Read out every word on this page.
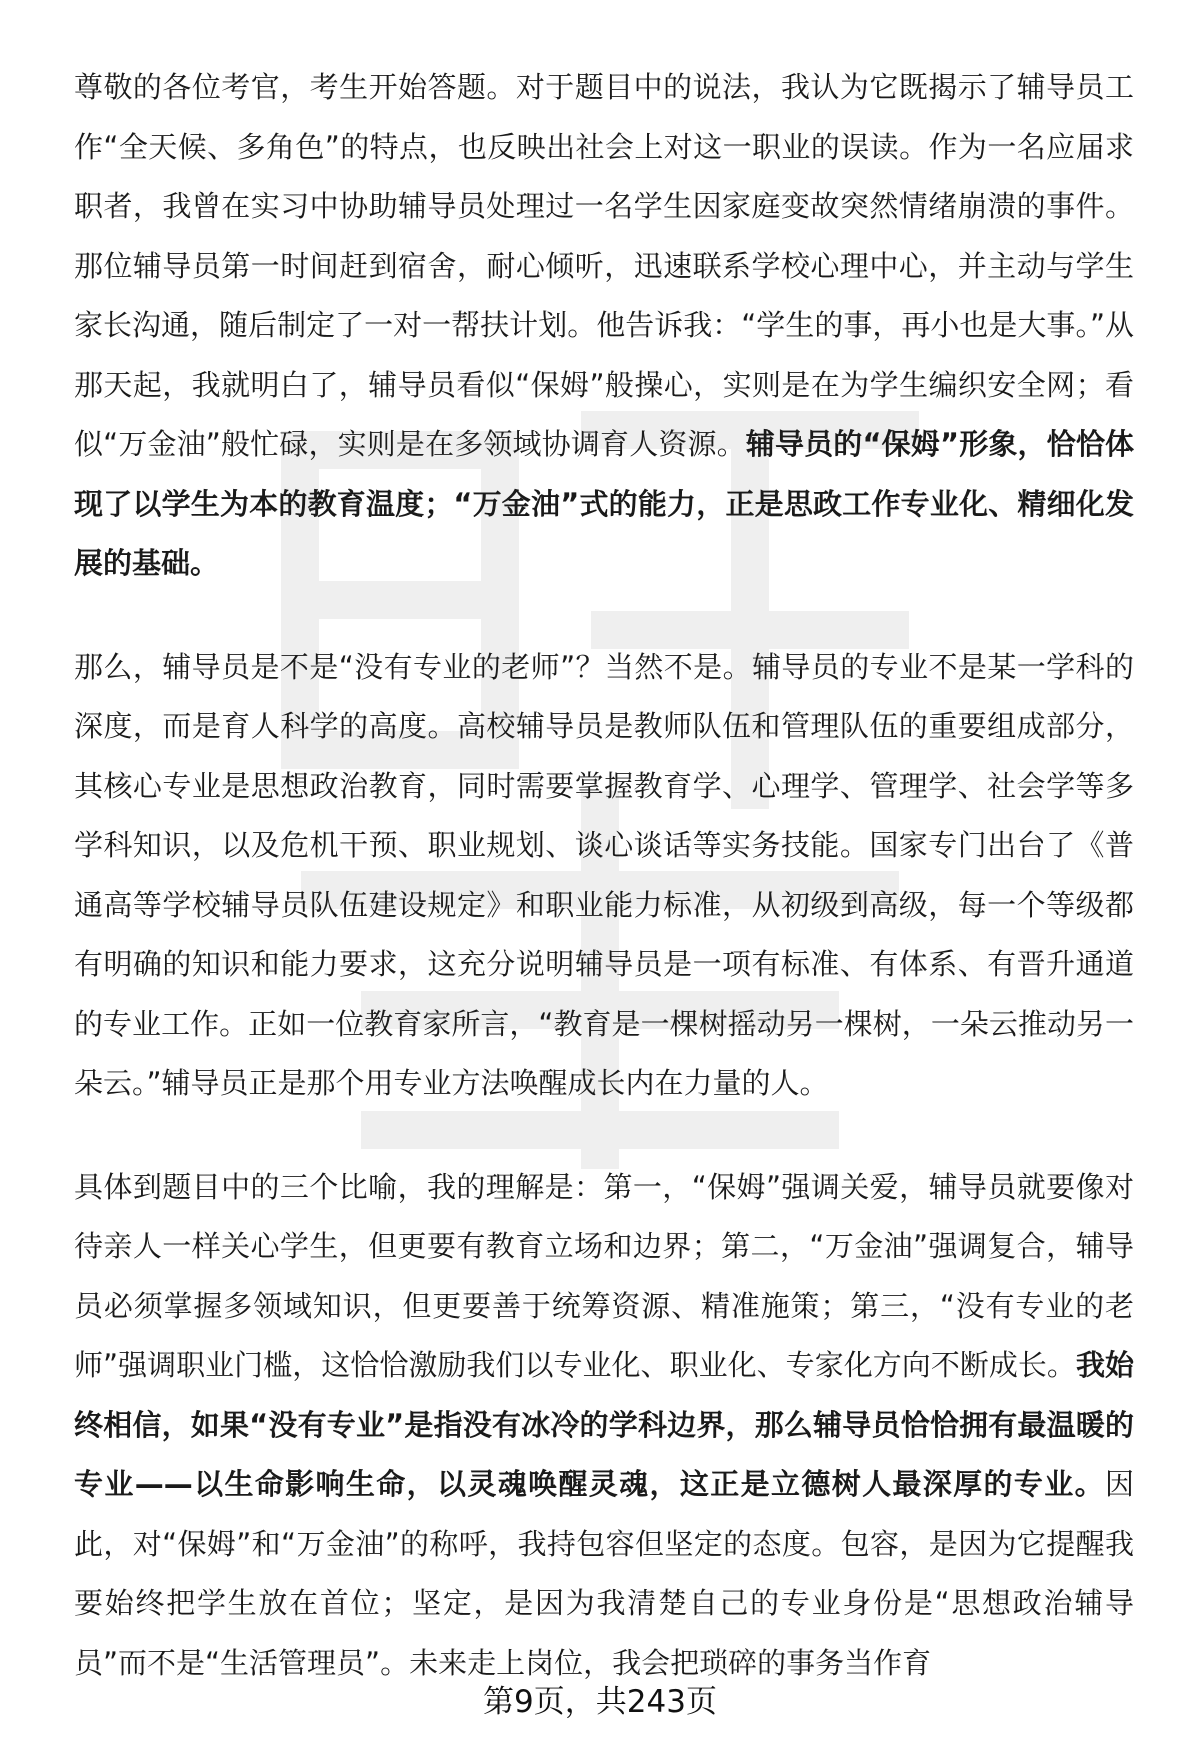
尊敬的各位考官，考生开始答题。对于题目中的说法，我认为它既揭示了辅导员工作“全天候、多角色”的特点，也反映出社会上对这一职业的误读。作为一名应届求职者，我曾在实习中协助辅导员处理过一名学生因家庭变故突然情绪崩溃的事件。那位辅导员第一时间赶到宿舍，耐心倾听，迅速联系学校心理中心，并主动与学生家长沟通，随后制定了一对一帮扶计划。他告诉我：“学生的事，再小也是大事。”从那天起，我就明白了，辅导员看似“保姆”般操心，实则是在为学生编织安全网；看似“万金油”般忙碌，实则是在多领域协调育人资源。辅导员的“保姆”形象，恰恰体现了以学生为本的教育温度；“万金油”式的能力，正是思政工作专业化、精细化发展的基础。

那么，辅导员是不是“没有专业的老师”？当然不是。辅导员的专业不是某一学科的深度，而是育人科学的高度。高校辅导员是教师队伍和管理队伍的重要组成部分，其核心专业是思想政治教育，同时需要掌握教育学、心理学、管理学、社会学等多学科知识，以及危机干预、职业规划、谈心谈话等实务技能。国家专门出台了《普通高等学校辅导员队伍建设规定》和职业能力标准，从初级到高级，每一个等级都有明确的知识和能力要求，这充分说明辅导员是一项有标准、有体系、有晋升通道的专业工作。正如一位教育家所言，“教育是一棵树摇动另一棵树，一朵云推动另一朵云。”辅导员正是那个用专业方法唤醒成长内在力量的人。

具体到题目中的三个比喻，我的理解是：第一，“保姆”强调关爱，辅导员就要像对待亲人一样关心学生，但更要有教育立场和边界；第二，“万金油”强调复合，辅导员必须掌握多领域知识，但更要善于统筹资源、精准施策；第三，“没有专业的老师”强调职业门槛，这恰恰激励我们以专业化、职业化、专家化方向不断成长。我始终相信，如果“没有专业”是指没有冰冷的学科边界，那么辅导员恰恰拥有最温暖的专业——以生命影响生命，以灵魂唤醒灵魂，这正是立德树人最深厚的专业。因此，对“保姆”和“万金油”的称呼，我持包容但坚定的态度。包容，是因为它提醒我要始终把学生放在首位；坚定，是因为我清楚自己的专业身份是“思想政治辅导员”而不是“生活管理员”。未来走上岗位，我会把琐碎的事务当作育

第9页，共243页
